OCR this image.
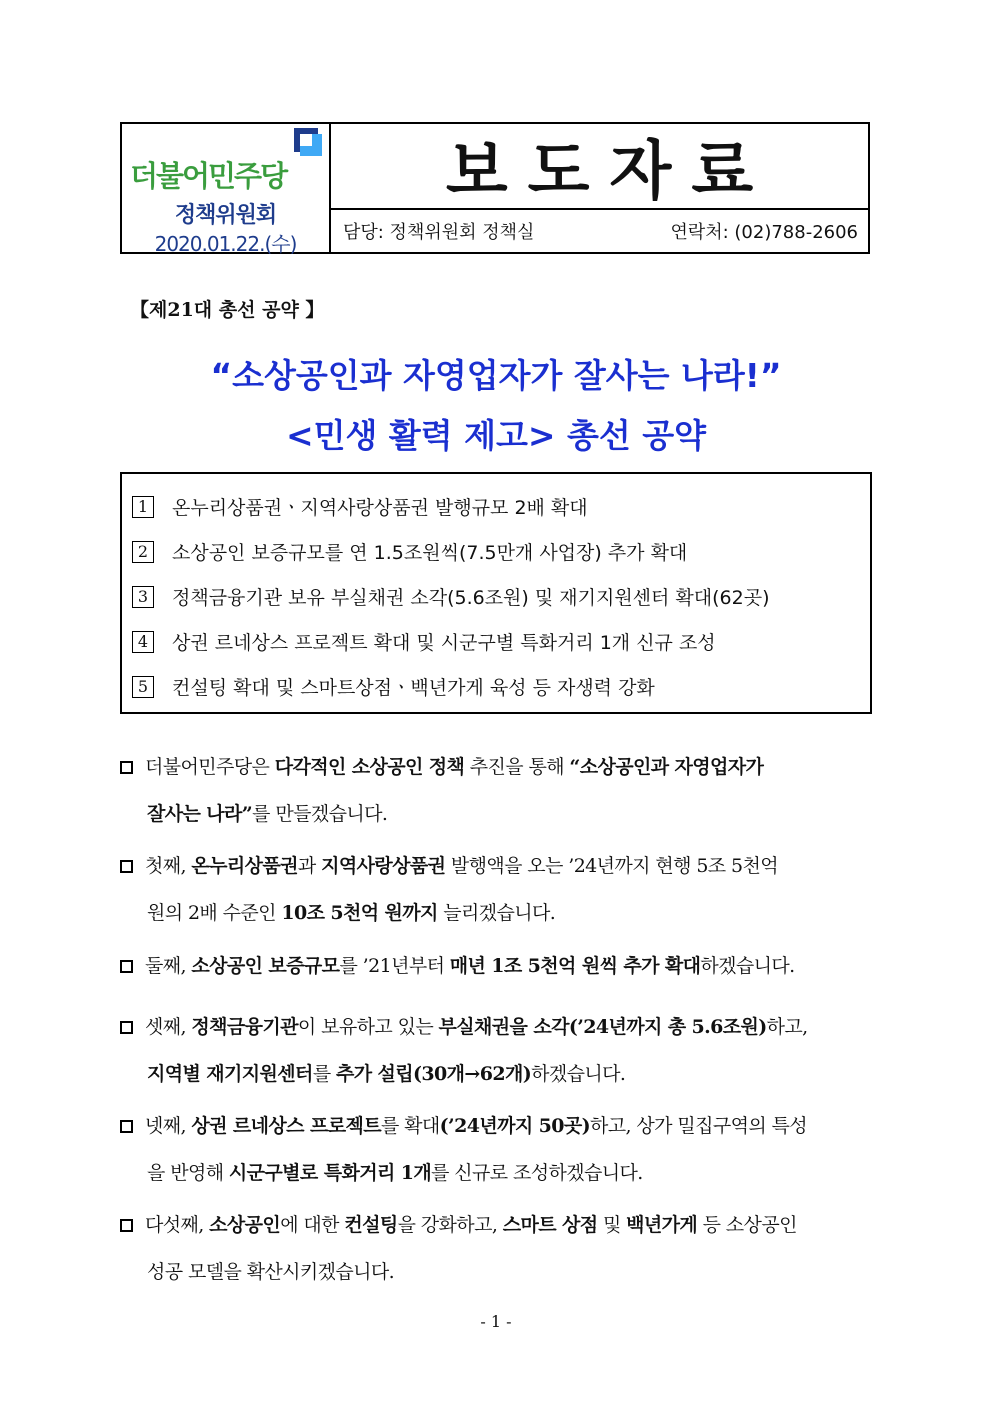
더불어민주당
정책위원회
2020.01.22.(수)
보도자료
담당: 정책위원회 정책실	연락처: (02)788-2606
【제21대 총선 공약 】
“소상공인과 자영업자가 잘사는 나라!”
<민생 활력 제고> 총선 공약
1	온누리상품권ㆍ지역사랑상품권 발행규모 2배 확대
2	소상공인 보증규모를 연 1.5조원씩(7.5만개 사업장) 추가 확대
3	정책금융기관 보유 부실채권 소각(5.6조원) 및 재기지원센터 확대(62곳)
4	상권 르네상스 프로젝트 확대 및 시군구별 특화거리 1개 신규 조성
5	컨설팅 확대 및 스마트상점ㆍ백년가게 육성 등 자생력 강화
더불어민주당은 다각적인 소상공인 정책 추진을 통해 “소상공인과 자영업자가
잘사는 나라”를 만들겠습니다.
첫째, 온누리상품권과 지역사랑상품권 발행액을 오는 ’24년까지 현행 5조 5천억
원의 2배 수준인 10조 5천억 원까지 늘리겠습니다.
둘째, 소상공인 보증규모를 ’21년부터 매년 1조 5천억 원씩 추가 확대하겠습니다.
셋째, 정책금융기관이 보유하고 있는 부실채권을 소각(’24년까지 총 5.6조원)하고,
지역별 재기지원센터를 추가 설립(30개→62개)하겠습니다.
넷째, 상권 르네상스 프로젝트를 확대(’24년까지 50곳)하고, 상가 밀집구역의 특성
을 반영해 시군구별로 특화거리 1개를 신규로 조성하겠습니다.
다섯째, 소상공인에 대한 컨설팅을 강화하고, 스마트 상점 및 백년가게 등 소상공인
성공 모델을 확산시키겠습니다.
- 1 -
